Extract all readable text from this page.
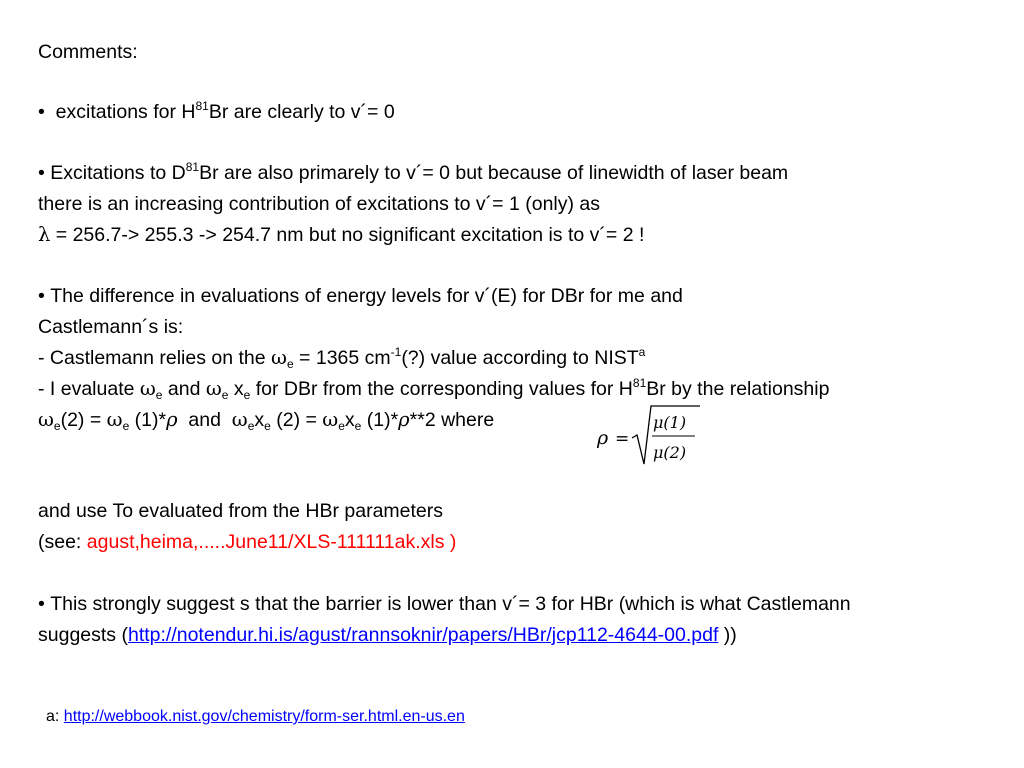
Comments:
• excitations for $H^{81}Br$ are clearly to v´= 0
• Excitations to $D^{81}Br$ are also primarely to v´= 0 but because of linewidth of laser beam
there is an increasing contribution of excitations to v´= 1 (only) as
λ = 256.7-> 255.3 -> 254.7 nm but no significant excitation is to v´= 2 !
• The difference in evaluations of energy levels for v´(E) for DBr for me and
Castlemann´s is:
- Castlemann relies on the $\omega_e = 1365$ $cm^{-1}(?)$ value according to NIST$^a$
- I evaluate $\omega_e$ and $\omega_e$ $x_e$ for DBr from the corresponding values for $H^{81}Br$ by the relationship
$\omega_e(2) = \omega_e$ (1)*ρ  and  $\omega_ex_e$ $(2) = \omega_ex_e$ (1)*ρ**2 where
ρ =
μ(1)
μ(2)
and use To evaluated from the HBr parameters
(see: agust,heima,.....June11/XLS-111111ak.xls )
• This strongly suggest s that the barrier is lower than v´= 3 for HBr (which is what Castlemann
suggests (http://notendur.hi.is/agust/rannsoknir/papers/HBr/jcp112-4644-00.pdf ))
a: http://webbook.nist.gov/chemistry/form-ser.html.en-us.en
